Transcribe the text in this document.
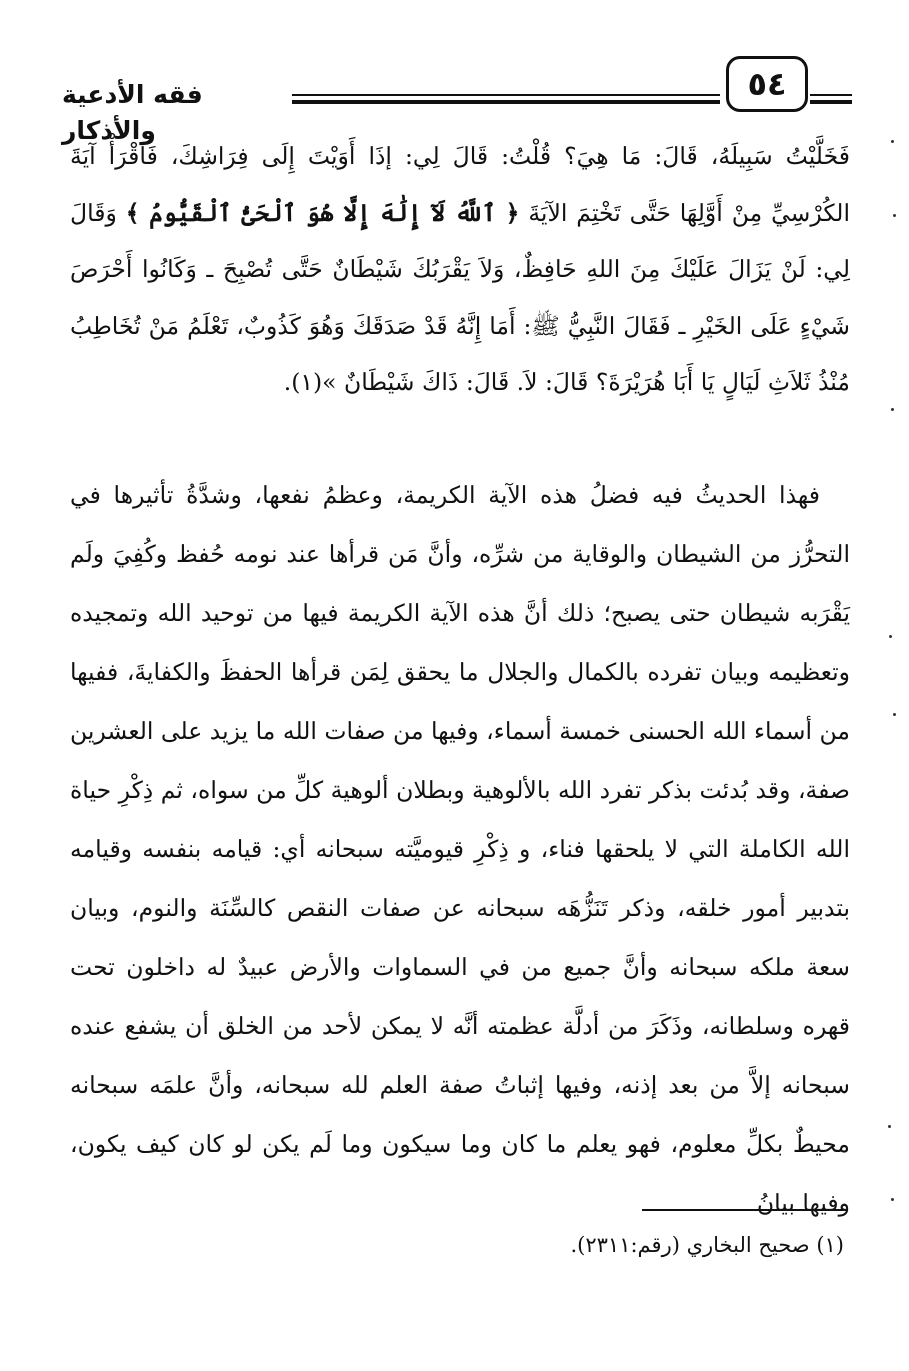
فقه الأدعية والأذكار
٥٤
فَخَلَّيْتُ سَبِيلَهُ، قَالَ: مَا هِيَ؟ قُلْتُ: قَالَ لِي: إذَا أَوَيْتَ إِلَى فِرَاشِكَ، فَاقْرَأْ آيَةَ الكُرْسِيِّ مِنْ أَوَّلِهَا حَتَّى تَخْتِمَ الآيَةَ ﴿ ٱللَّهُ لَآ إِلَٰهَ إِلَّا هُوَ ٱلْحَىُّ ٱلْقَيُّومُ ﴾ وَقَالَ لِي: لَنْ يَزَالَ عَلَيْكَ مِنَ اللهِ حَافِظٌ، وَلاَ يَقْرَبُكَ شَيْطَانٌ حَتَّى تُصْبِحَ ـ وَكَانُوا أَحْرَصَ شَيْءٍ عَلَى الخَيْرِ ـ فَقَالَ النَّبِيُّ ﷺ: أَمَا إِنَّهُ قَدْ صَدَقَكَ وَهُوَ كَذُوبٌ، تَعْلَمُ مَنْ تُخَاطِبُ مُنْذُ ثَلاَثِ لَيَالٍ يَا أَبَا هُرَيْرَةَ؟ قَالَ: لاَ. قَالَ: ذَاكَ شَيْطَانٌ »(١).
فهذا الحديثُ فيه فضلُ هذه الآية الكريمة، وعظمُ نفعها، وشدَّةُ تأثيرها في التحرُّز من الشيطان والوقاية من شرِّه، وأنَّ مَن قرأها عند نومه حُفظ وكُفِيَ ولَم يَقْرَبه شيطان حتى يصبح؛ ذلك أنَّ هذه الآية الكريمة فيها من توحيد الله وتمجيده وتعظيمه وبيان تفرده بالكمال والجلال ما يحقق لِمَن قرأها الحفظَ والكفايةَ، ففيها من أسماء الله الحسنى خمسة أسماء، وفيها من صفات الله ما يزيد على العشرين صفة، وقد بُدئت بذكر تفرد الله بالألوهية وبطلان ألوهية كلِّ من سواه، ثم ذِكْرِ حياة الله الكاملة التي لا يلحقها فناء، و ذِكْرِ قيوميَّته سبحانه أي: قيامه بنفسه وقيامه بتدبير أمور خلقه، وذكر تَنَزُّهَه سبحانه عن صفات النقص كالسِّنَة والنوم، وبيان سعة ملكه سبحانه وأنَّ جميع من في السماوات والأرض عبيدٌ له داخلون تحت قهره وسلطانه، وذَكَرَ من أدلَّة عظمته أنَّه لا يمكن لأحد من الخلق أن يشفع عنده سبحانه إلاَّ من بعد إذنه، وفيها إثباتُ صفة العلم لله سبحانه، وأنَّ علمَه سبحانه محيطٌ بكلِّ معلوم، فهو يعلم ما كان وما سيكون وما لَم يكن لو كان كيف يكون، وفيها بيانُ
(١) صحيح البخاري (رقم:٢٣١١).
